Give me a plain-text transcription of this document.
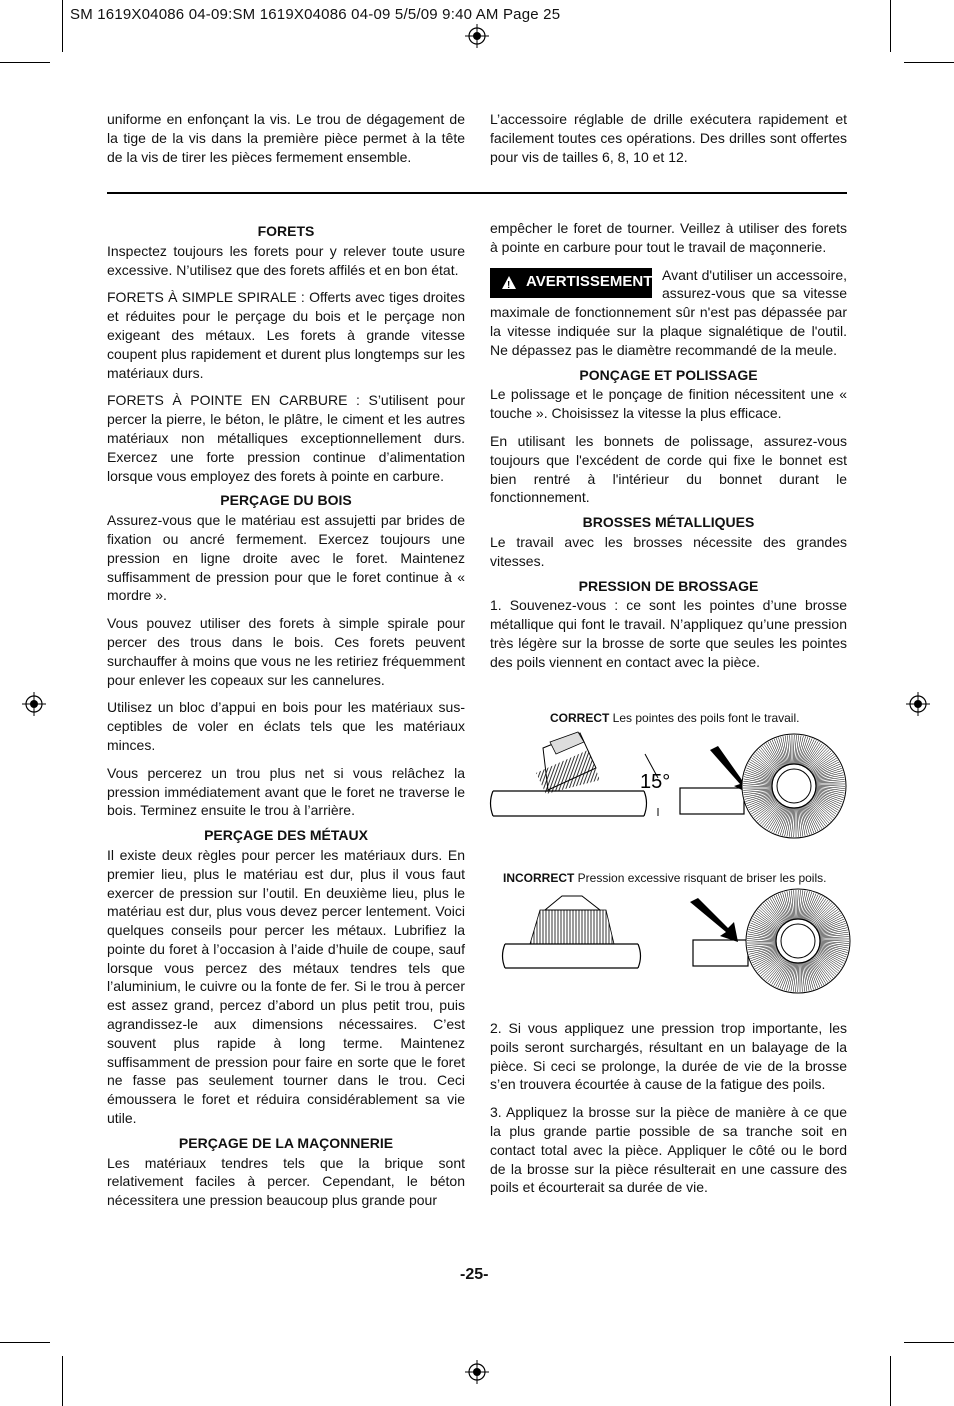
SM 1619X04086 04-09:SM 1619X04086 04-09 5/5/09 9:40 AM Page 25

uniforme en enfonçant la vis. Le trou de dégagement de la tige de la vis dans la première pièce permet à la tête de la vis de tirer les pièces fermement ensemble.

L’accessoire réglable de drille exécutera rapidement et facilement toutes ces opérations. Des drilles sont offertes pour vis de tailles 6, 8, 10 et 12.

FORETS

Inspectez toujours les forets pour y relever toute usure excessive. N’utilisez que des forets affilés et en bon état.

FORETS À SIMPLE SPIRALE : Offerts avec tiges droites et réduites pour le perçage du bois et le perçage non exigeant des métaux. Les forets à grande vitesse coupent plus rapidement et durent plus longtemps sur les matériaux durs.

FORETS À POINTE EN CARBURE : S’utilisent pour percer la pierre, le béton, le plâtre, le ciment et les autres matériaux non métalliques exceptionnellement durs. Exercez une forte pression continue d’alimentation lorsque vous employez des forets à pointe en carbure.

PERÇAGE DU BOIS

Assurez-vous que le matériau est assujetti par brides de fixation ou ancré fermement. Exercez toujours une pression en ligne droite avec le foret. Maintenez suffisamment de pression pour que le foret continue à « mordre ».

Vous pouvez utiliser des forets à simple spirale pour percer des trous dans le bois. Ces forets peuvent surchauffer à moins que vous ne les retiriez fréquemment pour enlever les copeaux sur les cannelures.

Utilisez un bloc d’appui en bois pour les matériaux sus-ceptibles de voler en éclats tels que les matériaux minces.

Vous percerez un trou plus net si vous relâchez la pression immédiatement avant que le foret ne traverse le bois. Terminez ensuite le trou à l’arrière.

PERÇAGE DES MÉTAUX

Il existe deux règles pour percer les matériaux durs. En premier lieu, plus le matériau est dur, plus il vous faut exercer de pression sur l’outil. En deuxième lieu, plus le matériau est dur, plus vous devez percer lentement. Voici quelques conseils pour percer les métaux. Lubrifiez la pointe du foret à l’occasion à l’aide d’huile de coupe, sauf lorsque vous percez des métaux tendres tels que l’aluminium, le cuivre ou la fonte de fer. Si le trou à percer est assez grand, percez d’abord un plus petit trou, puis agrandissez-le aux dimensions nécessaires. C’est souvent plus rapide à long terme. Maintenez suffisamment de pression pour faire en sorte que le foret ne fasse pas seulement tourner dans le trou. Ceci émoussera le foret et réduira considérablement sa vie utile.

PERÇAGE DE LA MAÇONNERIE

Les matériaux tendres tels que la brique sont relativement faciles à percer. Cependant, le béton nécessitera une pression beaucoup plus grande pour

empêcher le foret de tourner. Veillez à utiliser des forets à pointe en carbure pour tout le travail de maçonnerie.

!
AVERTISSEMENT Avant d'utiliser un accessoire, assurez-vous que sa vitesse maximale de fonctionnement sûr n'est pas dépassée par la vitesse indiquée sur la plaque signalétique de l'outil. Ne dépassez pas le diamètre recommandé de la meule.

PONÇAGE ET POLISSAGE

Le polissage et le ponçage de finition nécessitent une « touche ». Choisissez la vitesse la plus efficace.

En utilisant les bonnets de polissage, assurez-vous toujours que l'excédent de corde qui fixe le bonnet est bien rentré à l'intérieur du bonnet durant le fonctionnement.

BROSSES MÉTALLIQUES

Le travail avec les brosses nécessite des grandes vitesses.

PRESSION DE BROSSAGE

1. Souvenez-vous : ce sont les pointes d’une brosse métallique qui font le travail. N’appliquez qu’une pression très légère sur la brosse de sorte que seules les pointes des poils viennent en contact avec la pièce.

CORRECT Les pointes des poils font le travail.
15°
INCORRECT Pression excessive risquant de briser les poils.

2. Si vous appliquez une pression trop importante, les poils seront surchargés, résultant en un balayage de la pièce. Si ceci se prolonge, la durée de vie de la brosse s’en trouvera écourtée à cause de la fatigue des poils.

3. Appliquez la brosse sur la pièce de manière à ce que la plus grande partie possible de sa tranche soit en contact total avec la pièce. Appliquer le côté ou le bord de la brosse sur la pièce résulterait en une cassure des poils et écourterait sa durée de vie.

-25-
